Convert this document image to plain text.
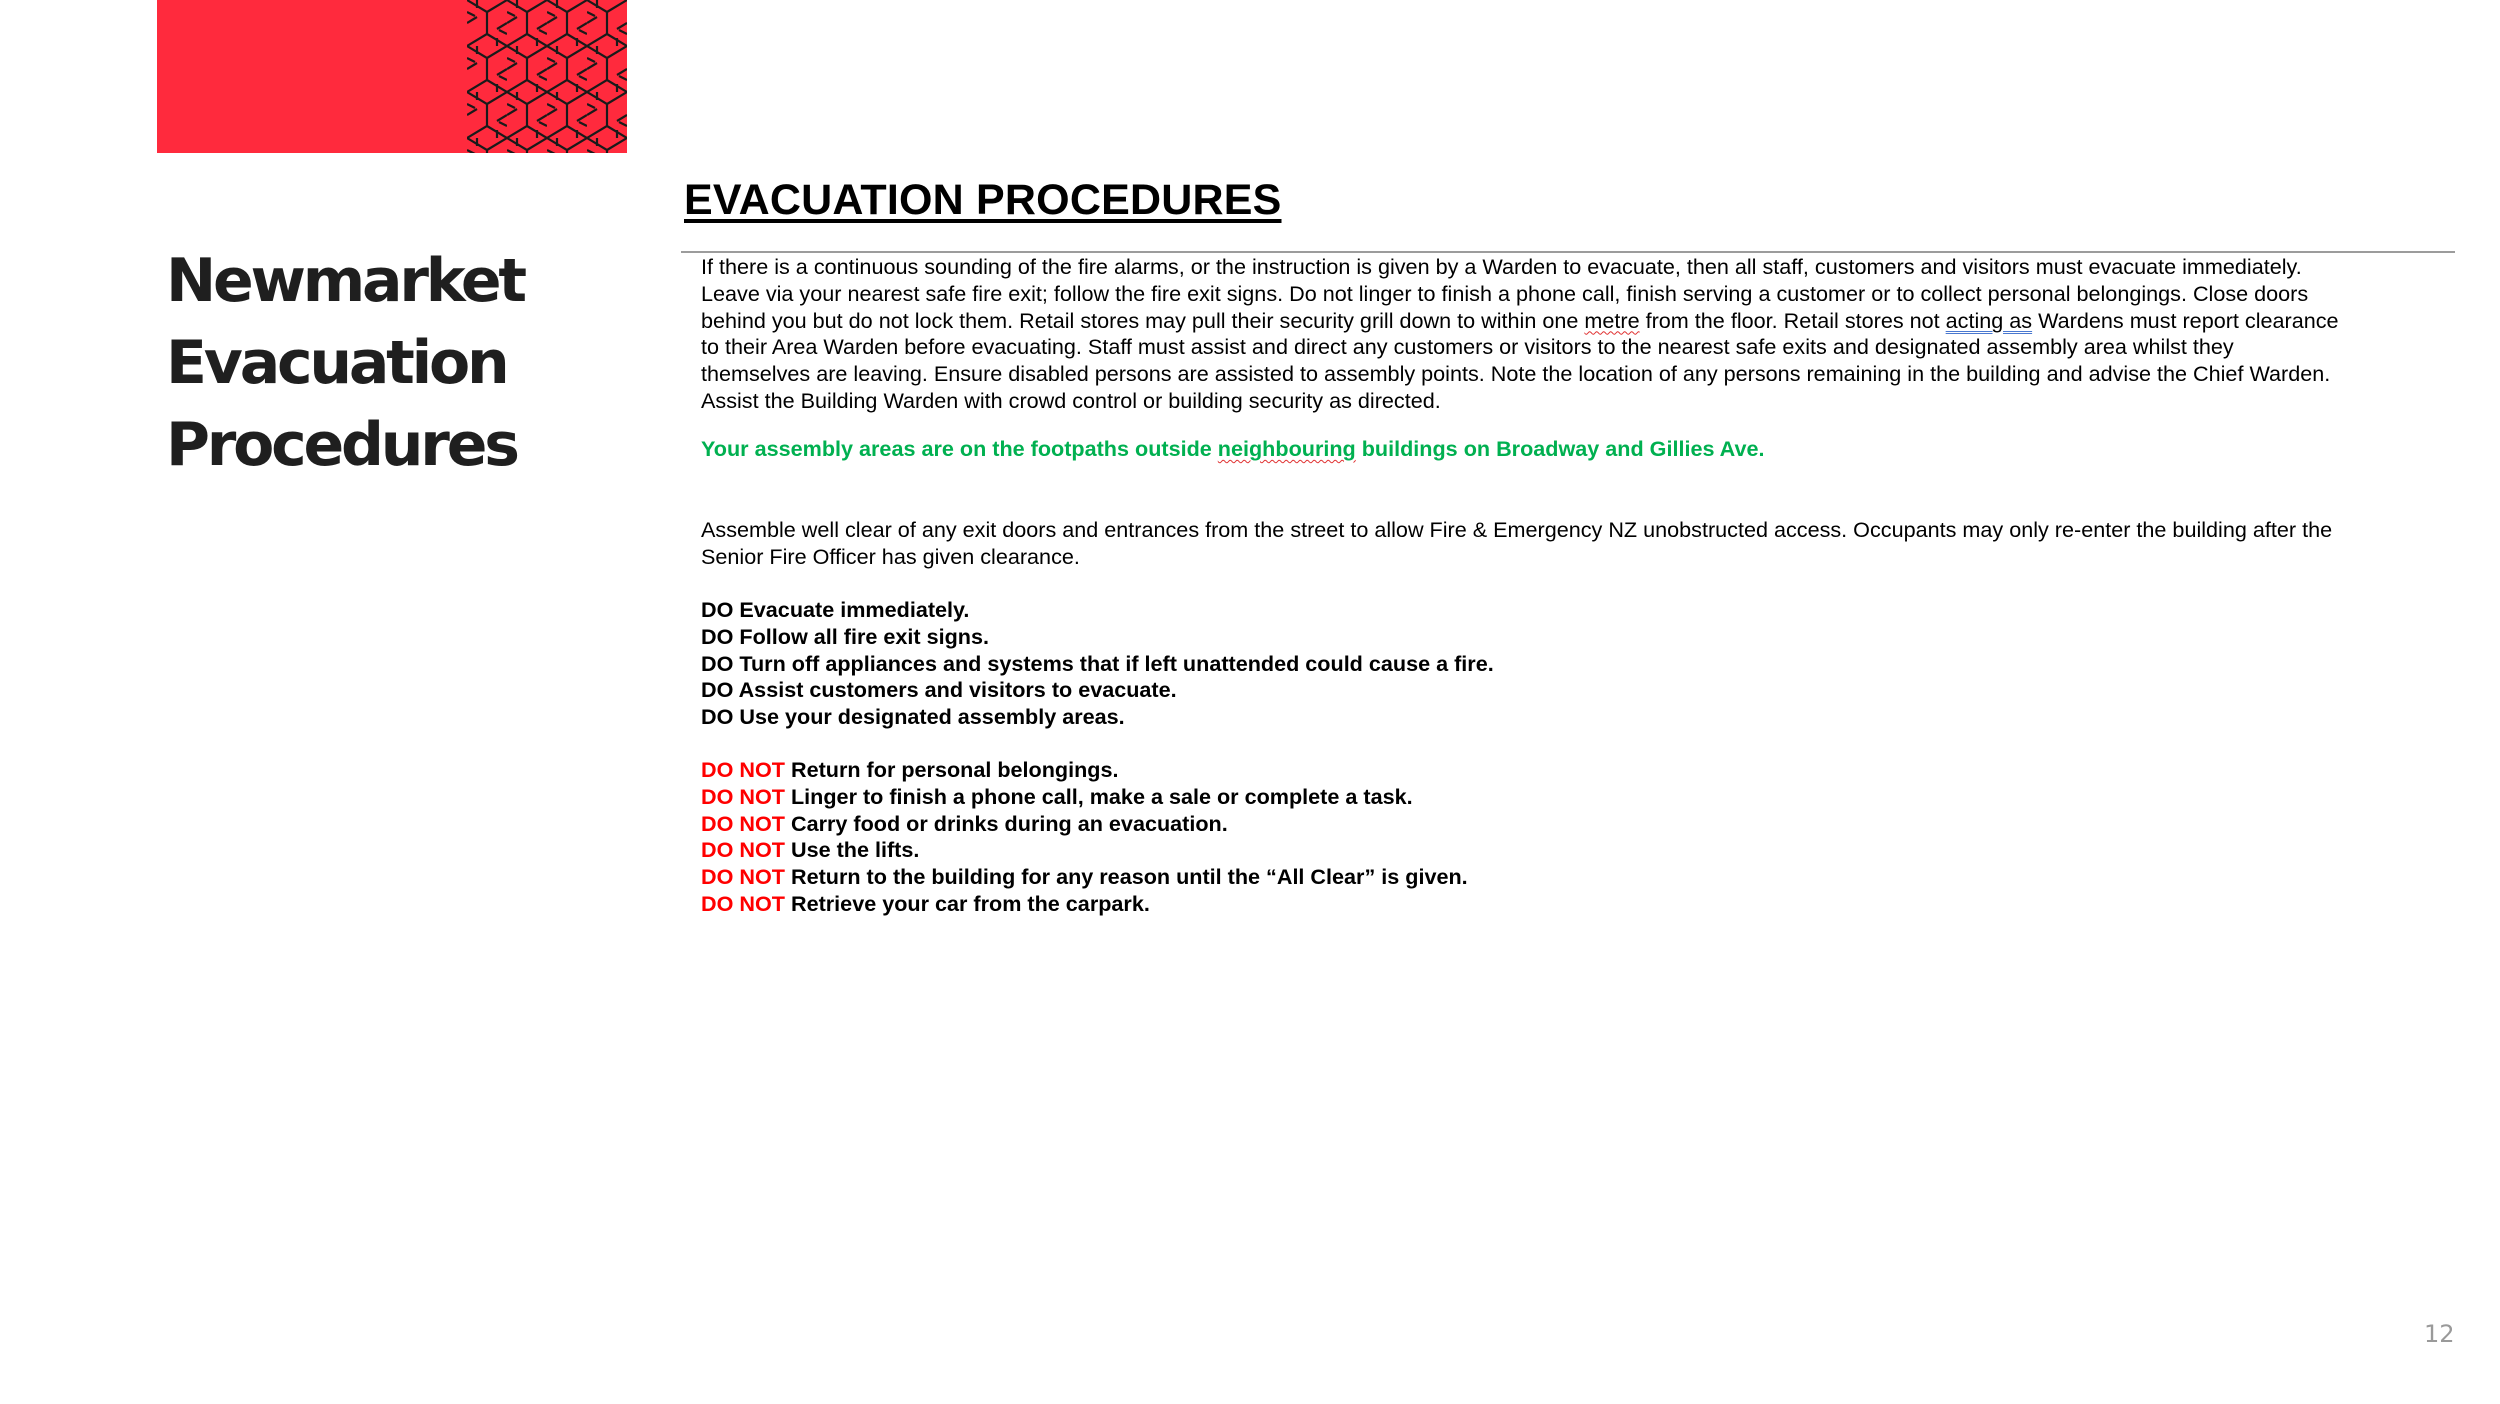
Newmarket
Evacuation
Procedures
EVACUATION PROCEDURES
If there is a continuous sounding of the fire alarms, or the instruction is given by a Warden to evacuate, then all staff, customers and visitors must evacuate immediately. Leave via your nearest safe fire exit; follow the fire exit signs. Do not linger to finish a phone call, finish serving a customer or to collect personal belongings. Close doors behind you but do not lock them. Retail stores may pull their security grill down to within one metre from the floor. Retail stores not acting as Wardens must report clearance to their Area Warden before evacuating. Staff must assist and direct any customers or visitors to the nearest safe exits and designated assembly area whilst they themselves are leaving. Ensure disabled persons are assisted to assembly points. Note the location of any persons remaining in the building and advise the Chief Warden. Assist the Building Warden with crowd control or building security as directed.
Your assembly areas are on the footpaths outside neighbouring buildings on Broadway and Gillies Ave.
Assemble well clear of any exit doors and entrances from the street to allow Fire & Emergency NZ unobstructed access. Occupants may only re-enter the building after the Senior Fire Officer has given clearance.
DO Evacuate immediately.
DO Follow all fire exit signs.
DO Turn off appliances and systems that if left unattended could cause a fire.
DO Assist customers and visitors to evacuate.
DO Use your designated assembly areas.
DO NOT Return for personal belongings.
DO NOT Linger to finish a phone call, make a sale or complete a task.
DO NOT Carry food or drinks during an evacuation.
DO NOT Use the lifts.
DO NOT Return to the building for any reason until the “All Clear” is given.
DO NOT Retrieve your car from the carpark.
12
